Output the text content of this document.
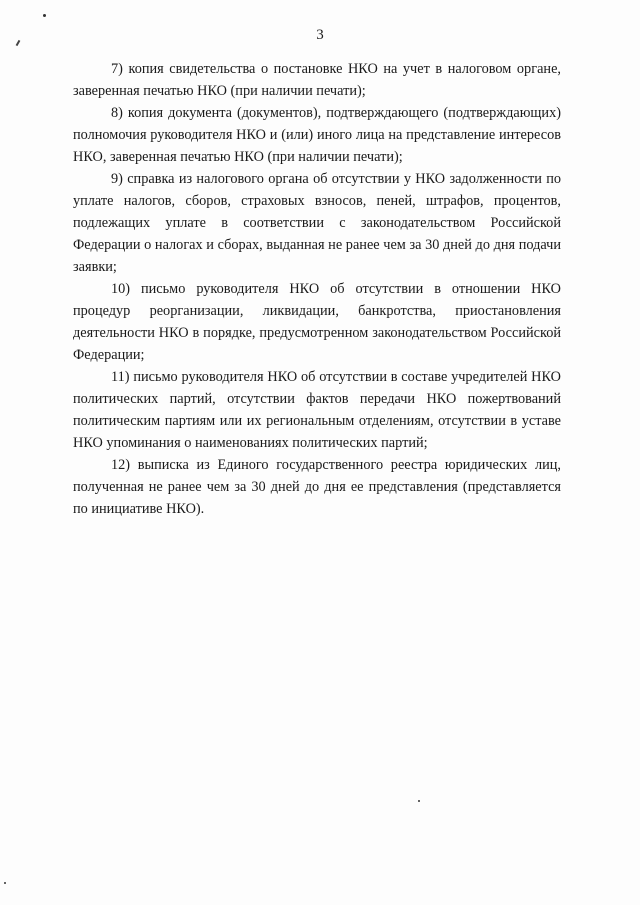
3

7) копия свидетельства о постановке НКО на учет в налоговом органе, заверенная печатью НКО (при наличии печати);

8) копия документа (документов), подтверждающего (подтверждающих) полномочия руководителя НКО и (или) иного лица на представление интересов НКО, заверенная печатью НКО (при наличии печати);

9) справка из налогового органа об отсутствии у НКО задолженности по уплате налогов, сборов, страховых взносов, пеней, штрафов, процентов, подлежащих уплате в соответствии с законодательством Российской Федерации о налогах и сборах, выданная не ранее чем за 30 дней до дня подачи заявки;

10) письмо руководителя НКО об отсутствии в отношении НКО процедур реорганизации, ликвидации, банкротства, приостановления деятельности НКО в порядке, предусмотренном законодательством Российской Федерации;

11) письмо руководителя НКО об отсутствии в составе учредителей НКО политических партий, отсутствии фактов передачи НКО пожертвований политическим партиям или их региональным отделениям, отсутствии в уставе НКО упоминания о наименованиях политических партий;

12) выписка из Единого государственного реестра юридических лиц, полученная не ранее чем за 30 дней до дня ее представления (представляется по инициативе НКО).
